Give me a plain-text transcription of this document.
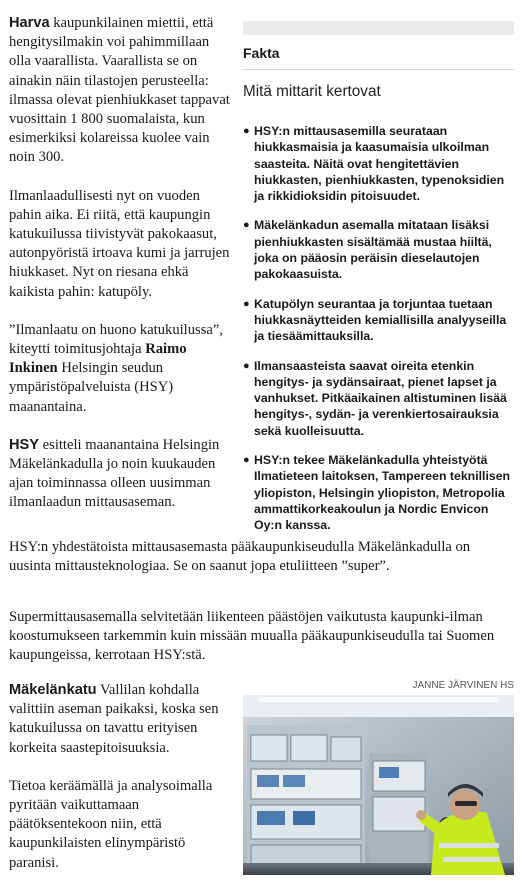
Harva kaupunkilainen miettii, että hengitysilmakin voi pahimmillaan olla vaarallista. Vaarallista se on ainakin näin tilastojen perusteella: ilmassa olevat pienhiukkaset tappavat vuosittain 1 800 suomalaista, kun esimerkiksi kolareissa kuolee vain noin 300.

Ilmanlaadullisesti nyt on vuoden pahin aika. Ei riitä, että kaupungin katukuilussa tiivistyvät pakokaasut, autonpyöristä irtoava kumi ja jarrujen hiukkaset. Nyt on riesana ehkä kaikista pahin: katupöly.

”Ilmanlaatu on huono katukuilussa”, kiteytti toimitusjohtaja Raimo Inkinen Helsingin seudun ympäristöpalveluista (HSY) maanantaina.

HSY esitteli maanantaina Helsingin Mäkelänkadulla jo noin kuukauden ajan toiminnassa olleen uusimman ilmanlaadun mittausaseman.

Fakta
Mitä mittarit kertovat
● HSY:n mittausasemilla seurataan hiukkasmaisia ja kaasumaisia ulkoilman saasteita. Näitä ovat hengitettävien hiukkasten, pienhiukkasten, typenoksidien ja rikkidioksidin pitoisuudet.
● Mäkelänkadun asemalla mitataan lisäksi pienhiukkasten sisältämää mustaa hiiltä, joka on pääosin peräisin dieselautojen pakokaasuista.
● Katupölyn seurantaa ja torjuntaa tuetaan hiukkasnäytteiden kemiallisilla analyyseilla ja tiesäämittauksilla.
● Ilmansaasteista saavat oireita etenkin hengitys- ja sydänsairaat, pienet lapset ja vanhukset. Pitkäaikainen altistuminen lisää hengitys-, sydän- ja verenkiertosairauksia sekä kuolleisuutta.
● HSY:n tekee Mäkelänkadulla yhteistyötä Ilmatieteen laitoksen, Tampereen teknillisen yliopiston, Helsingin yliopiston, Metropolia ammattikorkeakoulun ja Nordic Envicon Oy:n kanssa.

HSY:n yhdestätoista mittausasemasta pääkaupunkiseudulla Mäkelänkadulla on uusinta mittausteknologiaa. Se on saanut jopa etuliitteen ”super”.

Supermittausasemalla selvitetään liikenteen päästöjen vaikutusta kaupunki-ilman koostumukseen tarkemmin kuin missään muualla pääkaupunkiseudulla tai Suomen kaupungeissa, kerrotaan HSY:stä.

Mäkelänkatu Vallilan kohdalla valittiin aseman paikaksi, koska sen katukuilussa on tavattu erityisen korkeita saastepitoisuuksia.

Tietoa keräämällä ja analysoimalla pyritään vaikuttamaan päätöksentekoon niin, että kaupunkilaisten elinympäristö paranisi.

JANNE JÄRVINEN HS
